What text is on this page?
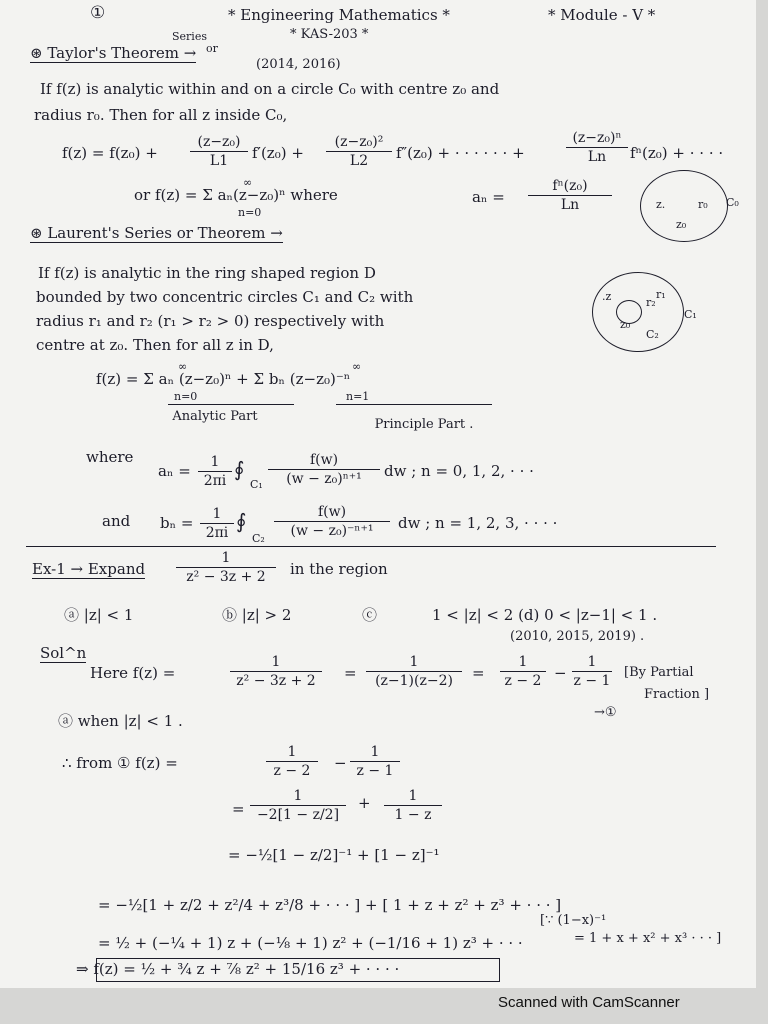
①	* Engineering Mathematics *
* KAS-203 *
* Module - V *
Series
or
⊛ Taylor's Theorem →
(2014, 2016)
If f(z) is analytic within and on a circle C₀ with centre z₀ and
radius r₀. Then for all z inside C₀,
$f(z) = f(z_0) + \frac{\text{(z−z₀)}}{L1} f'(z_0) + \frac{\text{(z−z₀)²}}{L2} f''(z_0)$ + · · · · · · +	$\frac{\text{(z−z₀)ⁿ}}{Ln} f^n(z_0)$ + · · · ·
or f(z) = Σ aₙ(z−z₀)ⁿ where
∞
n=0
$a_n = \frac{\text{fⁿ(z₀)}}{Ln}$	z.	r₀ C₀
z₀
⊛ Laurent's Series or Theorem →
If f(z) is analytic in the ring shaped region D
bounded by two concentric circles C₁ and C₂ with
radius r₁ and r₂ (r₁ > r₂ > 0) respectively with
centre at z₀. Then for all z in D,
.z	r₂
r₁
z₀
C₁
C₂
f(z) = Σ aₙ (z−z₀)ⁿ + Σ bₙ (z−z₀)⁻ⁿ
∞
n=0
∞
n=1
Analytic Part
Principle Part .
where
$a_n = \frac{1}{2\pi i}$ ∮
$C_1 \frac{f(w)}{\text{(w − z₀)ⁿ⁺¹}}$ dw ; n = 0, 1, 2, · · ·
and $b_n = \frac{1}{2\pi i}$ ∮
$C_2 \frac{f(w)}{\text{(w − z₀)⁻ⁿ⁺¹}}$ dw ; n = 1, 2, 3, · · · ·
Ex-1 → Expand $\frac{1}{\text{z² − 3z + 2}}$ in the region
ⓐ |z| < 1	ⓑ |z| > 2	ⓒ	1 < |z| < 2 (d) 0 < |z−1| < 1 .
(2010, 2015, 2019) .
Sol^n
Here f(z) =	$\frac{1}{\text{z² − 3z + 2}} = \frac{1}{(z-1)(z-2)} = \frac{1}{z - 2} - \frac{1}{z - 1} [By$ Partial
Fraction ]
→①
ⓐ when |z| < 1 .
∴ from ① f(z) =	$\frac{1}{z - 2} - \frac{1}{z - 1}$
= $\frac{1}{-2[1 - z/2]} + \frac{1}{1 - z}$
= −½[1 − z/2]⁻¹ + [1 − z]⁻¹
= −½[1 + z/2 + z²/4 + z³/8 + · · · ] + [ 1 + z + z² + z³ + · · · ]
[∵ (1−x)⁻¹
= ½ + (−¼ + 1) z + (−⅛ + 1) z² + (−1/16 + 1) z³ + · · ·	= 1 + x + x² + x³ · · · ]
⇒ f(z) = ½ + ¾ z + ⅞ z² + 15/16 z³ + · · · ·
Scanned with CamScanner
